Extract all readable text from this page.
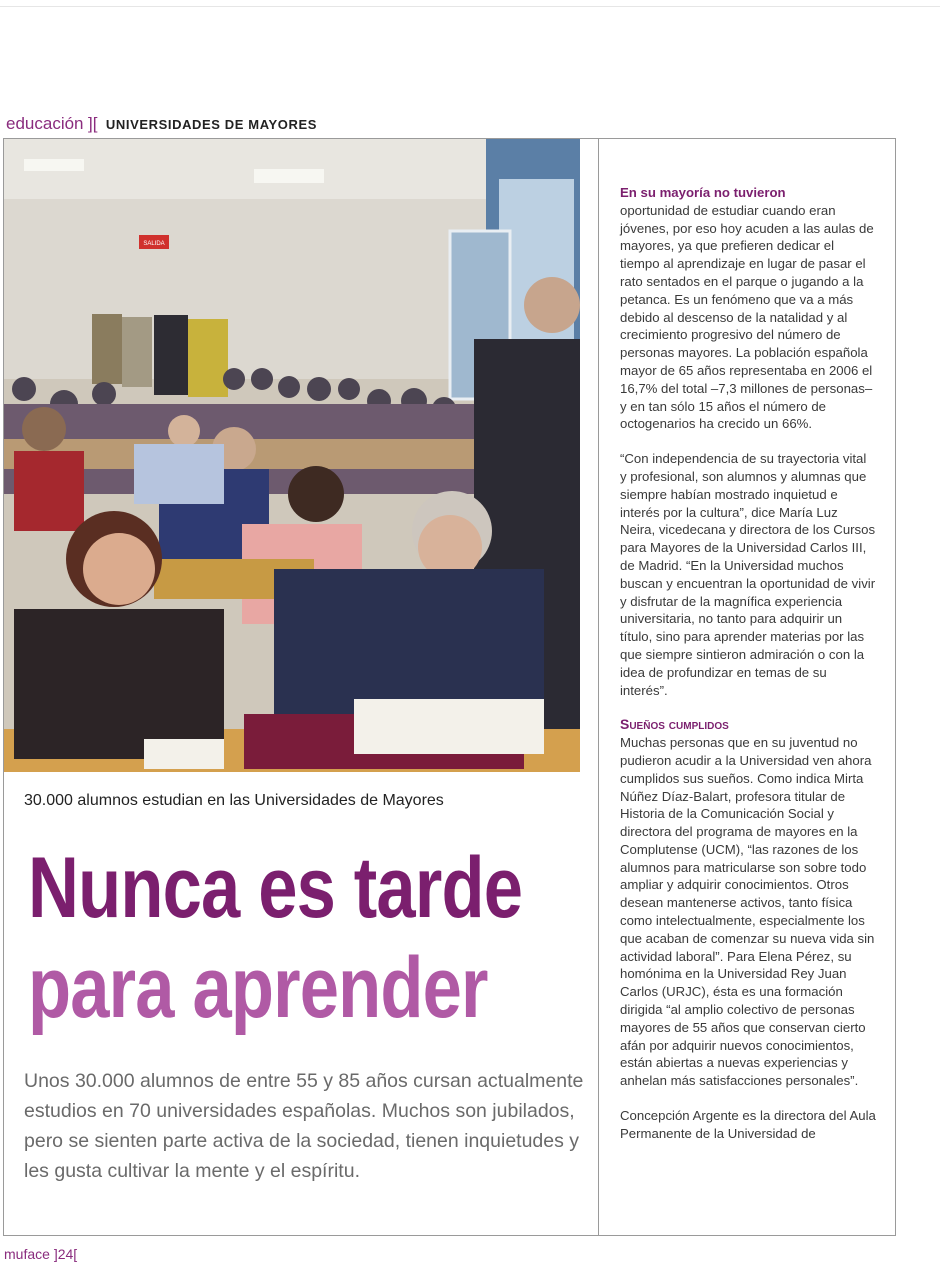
educación ][ UNIVERSIDADES DE MAYORES
SALIDA
30.000 alumnos estudian en las Universidades de Mayores
Nunca es tarde
para aprender
Unos 30.000 alumnos de entre 55 y 85 años cursan actualmente estudios en 70 universidades españolas. Muchos son jubilados, pero se sienten parte activa de la sociedad, tienen inquietudes y les gusta cultivar la mente y el espíritu.

En su mayoría no tuvieron
oportunidad de estudiar cuando eran jóvenes, por eso hoy acuden a las aulas de mayores, ya que prefieren dedicar el tiempo al aprendizaje en lugar de pasar el rato sentados en el parque o jugando a la petanca. Es un fenómeno que va a más debido al descenso de la natalidad y al crecimiento progresivo del número de personas mayores. La población española mayor de 65 años representaba en 2006 el 16,7% del total –7,3 millones de personas– y en tan sólo 15 años el número de octogenarios ha crecido un 66%.

“Con independencia de su trayectoria vital y profesional, son alumnos y alumnas que siempre habían mostrado inquietud e interés por la cultura”, dice María Luz Neira, vicedecana y directora de los Cursos para Mayores de la Universidad Carlos III, de Madrid. “En la Universidad muchos buscan y encuentran la oportunidad de vivir y disfrutar de la magnífica experiencia universitaria, no tanto para adquirir un título, sino para aprender materias por las que siempre sintieron admiración o con la idea de profundizar en temas de su interés”.

Sueños cumplidos
Muchas personas que en su juventud no pudieron acudir a la Universidad ven ahora cumplidos sus sueños. Como indica Mirta Núñez Díaz-Balart, profesora titular de Historia de la Comunicación Social y directora del programa de mayores en la Complutense (UCM), “las razones de los alumnos para matricularse son sobre todo ampliar y adquirir conocimientos. Otros desean mantenerse activos, tanto física como intelectualmente, especialmente los que acaban de comenzar su nueva vida sin actividad laboral”. Para Elena Pérez, su homónima en la Universidad Rey Juan Carlos (URJC), ésta es una formación dirigida “al amplio colectivo de personas mayores de 55 años que conservan cierto afán por adquirir nuevos conocimientos, están abiertas a nuevas experiencias y anhelan más satisfacciones personales”.

Concepción Argente es la directora del Aula Permanente de la Universidad de

muface ]24[
